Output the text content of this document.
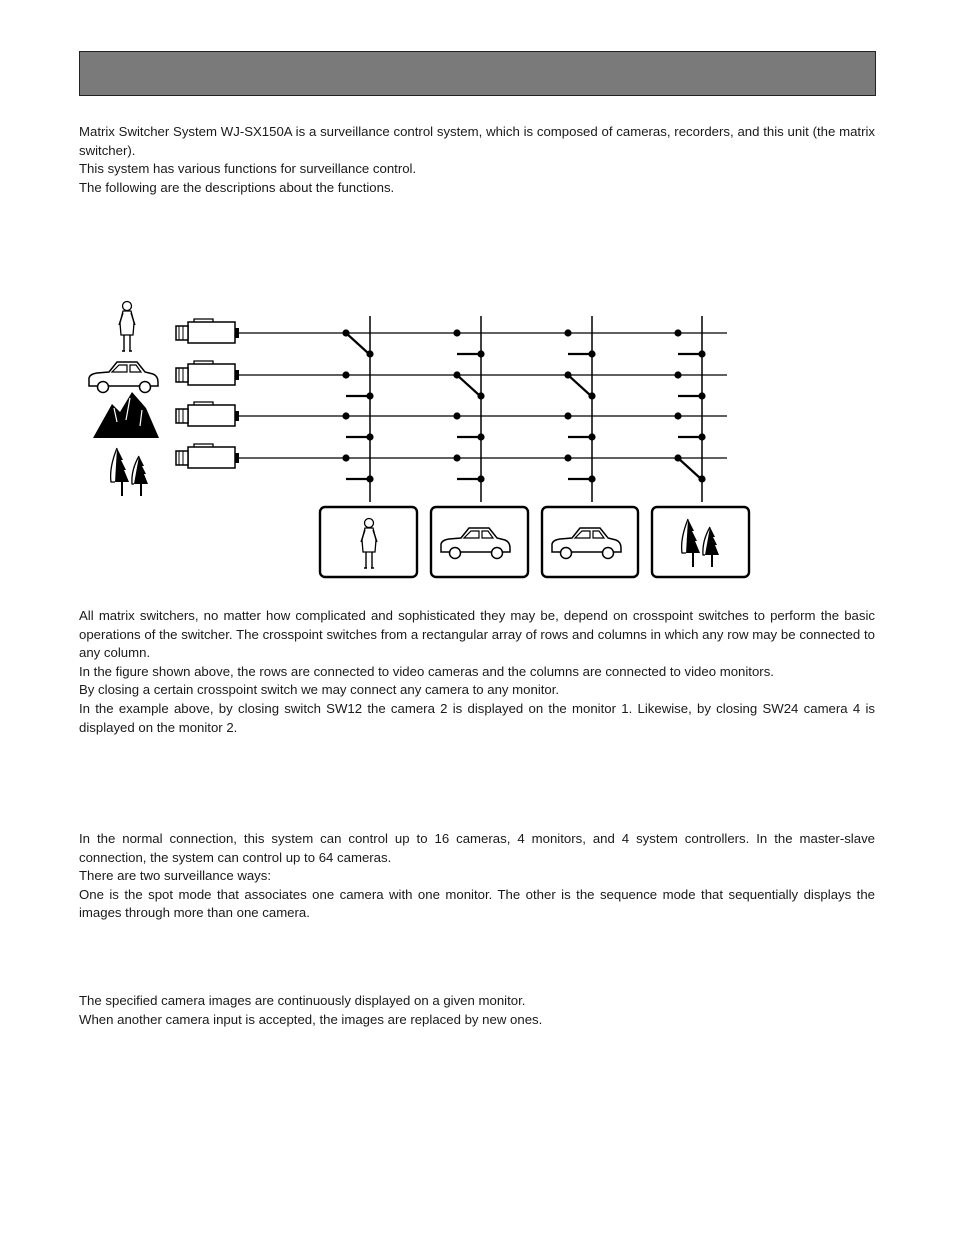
Matrix Switcher System WJ-SX150A is a surveillance control system, which is composed of cameras, recorders, and this unit (the matrix switcher).

This system has various functions for surveillance control.

The following are the descriptions about the functions.

All matrix switchers, no matter how complicated and sophisticated they may be, depend on crosspoint switches to perform the basic operations of the switcher. The crosspoint switches from a rectangular array of rows and columns in which any row may be connected to any column.

In the figure shown above, the rows are connected to video cameras and the columns are connected to video monitors.

By closing a certain crosspoint switch we may connect any camera to any monitor.

In the example above, by closing switch SW12 the camera 2 is displayed on the monitor 1. Likewise, by closing SW24 camera 4 is displayed on the monitor 2.

In the normal connection, this system can control up to 16 cameras, 4 monitors, and 4 system controllers. In the master-slave connection, the system can control up to 64 cameras.

There are two surveillance ways:

One is the spot mode that associates one camera with one monitor. The other is the sequence mode that sequentially displays the images through more than one camera.

The specified camera images are continuously displayed on a given monitor.

When another camera input is accepted, the images are replaced by new ones.
